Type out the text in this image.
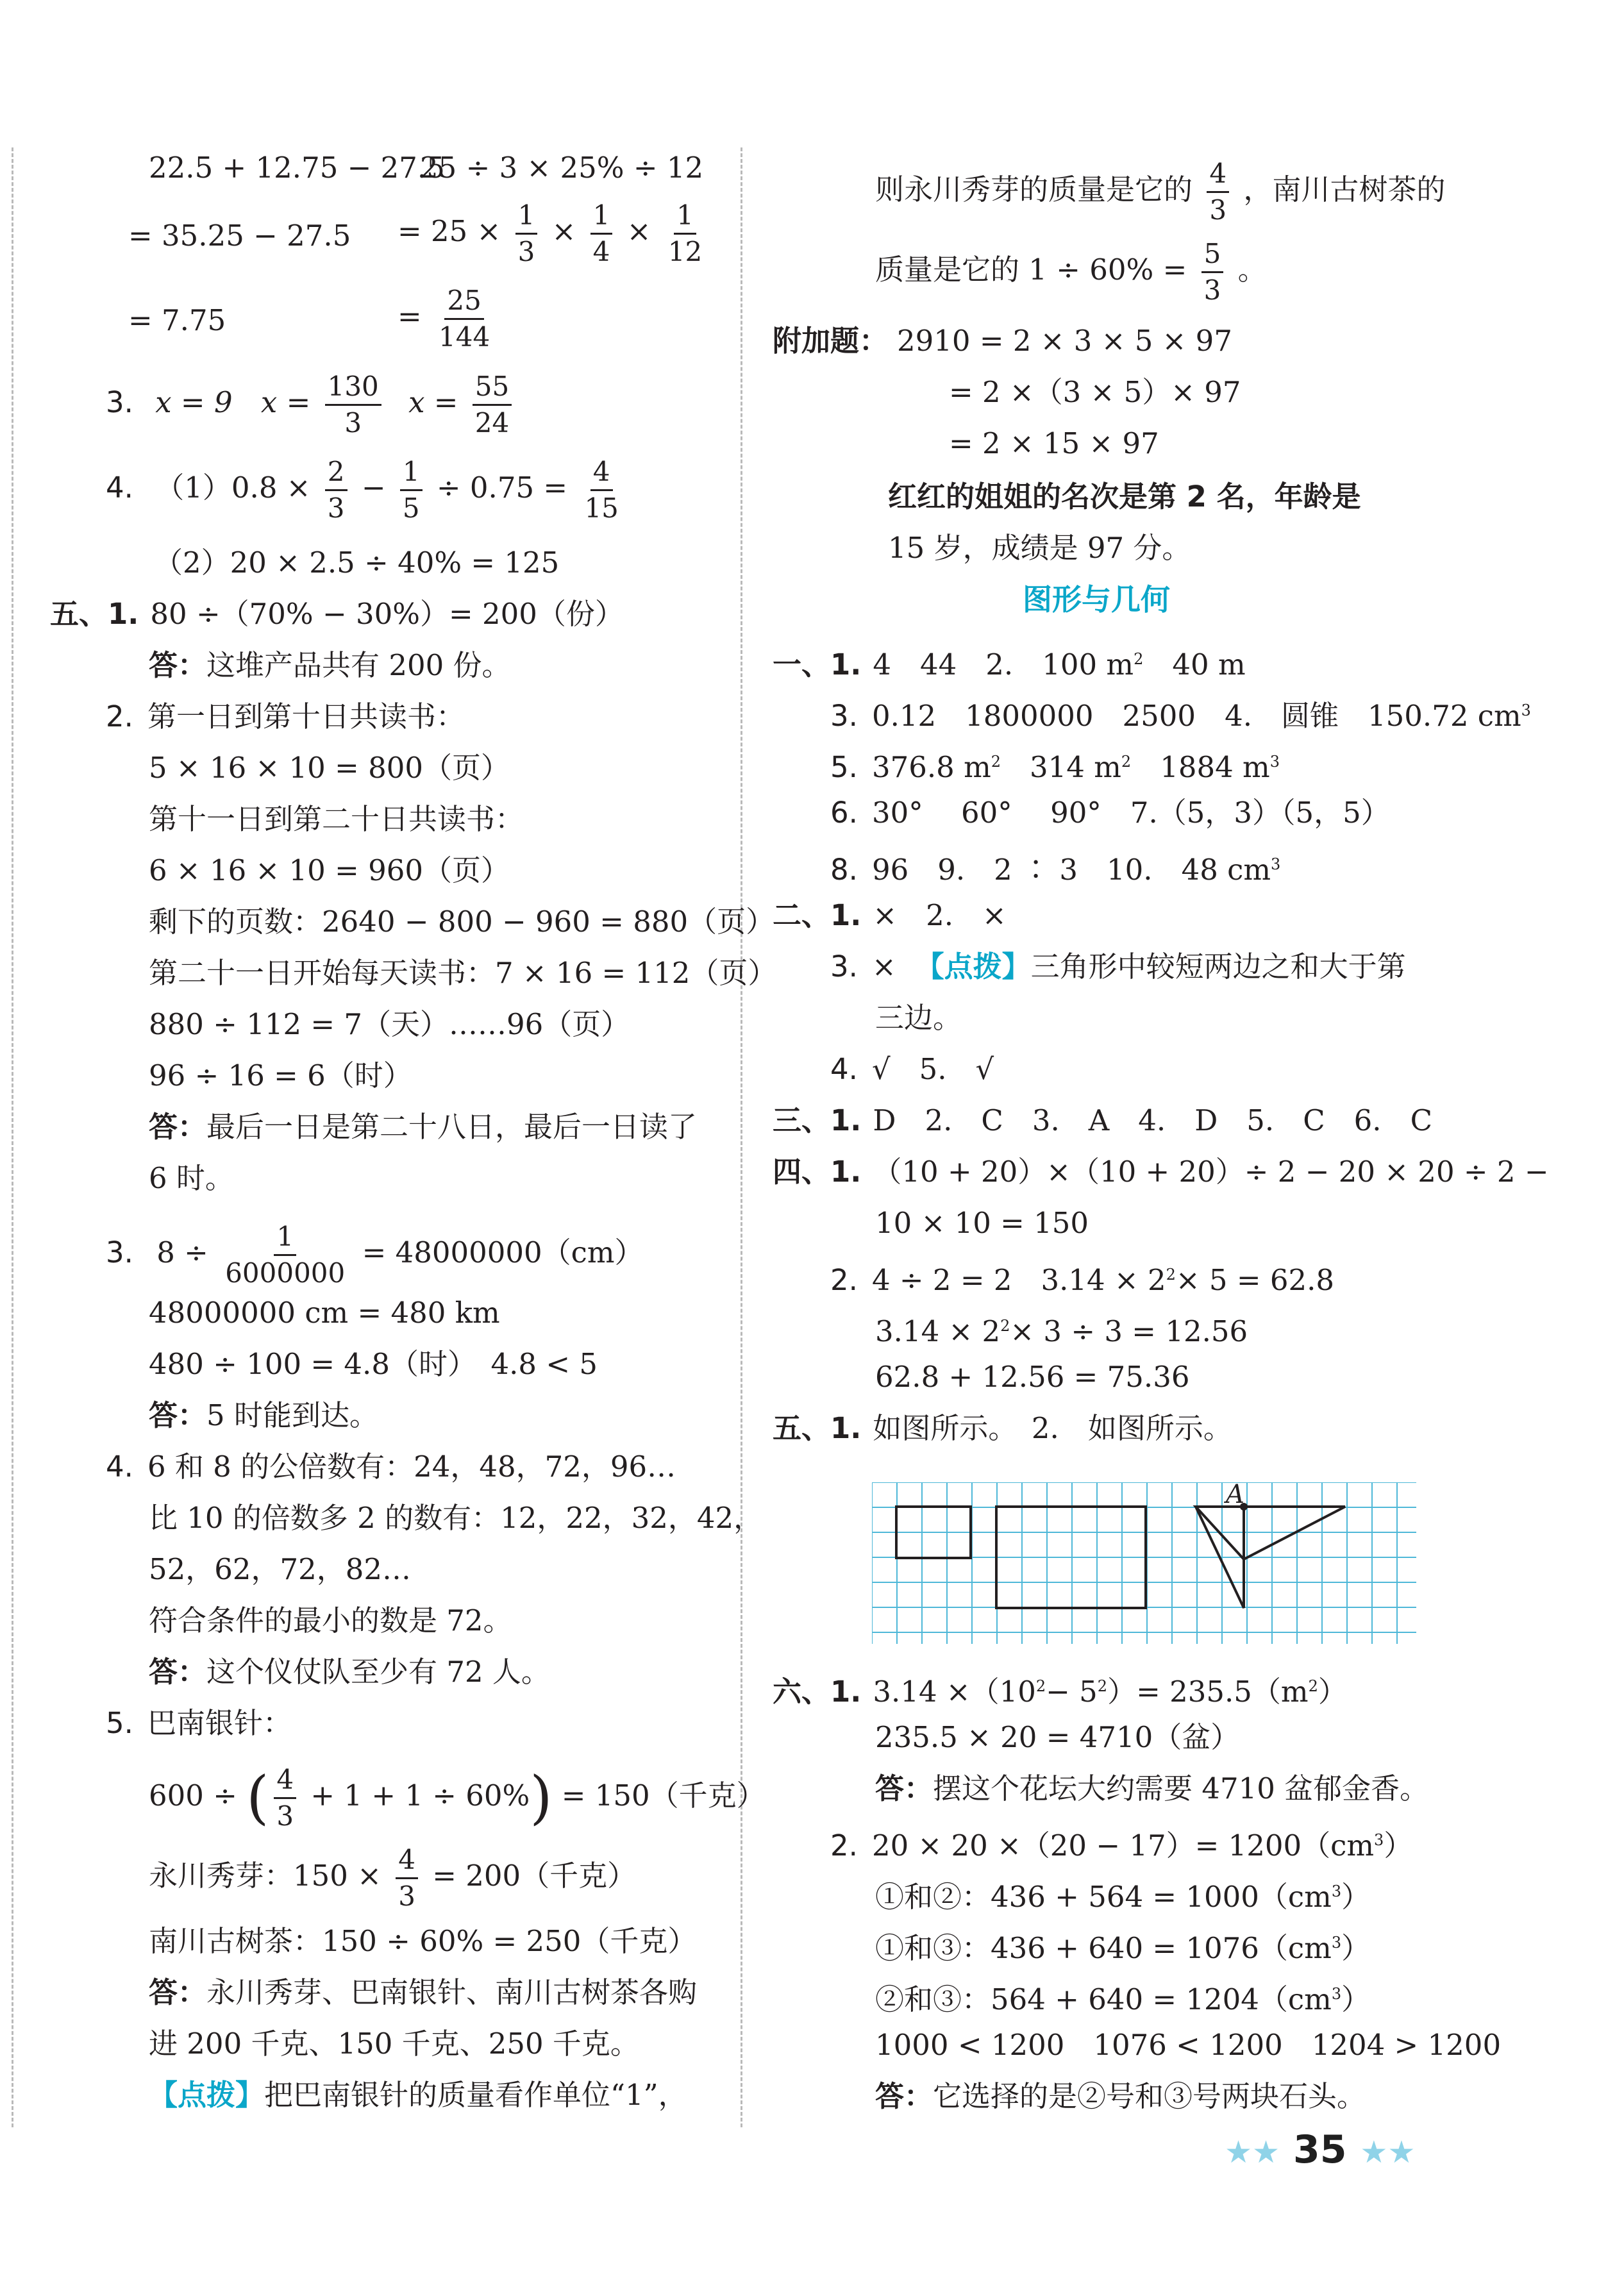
22.5 + 12.75 − 27.5
25 ÷ 3 × 25% ÷ 12
= $35.25 - 27.5 = 25 \times \frac{1}{3} \times \frac{1}{4} \times \frac{1}{12}$
= 7.75	= $\frac{25}{144}$
3. x = 9 $x = \frac{130}{3}$ $x = \frac{55}{24}$
4. $(1)0.8 \times \frac{2}{3} - \frac{1}{5} \div 0.75 = \frac{4}{15}$
（2）20 × 2.5 ÷ 40% = 125
五、1. 80 ÷（70% − 30%）= 200（份）
答：这堆产品共有 200 份。
2. 第一日到第十日共读书：
5 × 16 × 10 = 800（页）
第十一日到第二十日共读书：
6 × 16 × 10 = 960（页）
剩下的页数：2640 − 800 − 960 = 880（页）
第二十一日开始每天读书：7 × 16 = 112（页）
880 ÷ 112 = 7（天）……96（页）
96 ÷ 16 = 6（时）
答：最后一日是第二十八日，最后一日读了
6 时。
3. $8 \div \frac{1}{6000000} = 48000000(cm)$
48000000 cm = 480 km
480 ÷ 100 = 4.8（时）　4.8 < 5
答：5 时能到达。
4. 6 和 8 的公倍数有：24，48，72，96…
比 10 的倍数多 2 的数有：12，22，32，42，
52，62，72，82…
符合条件的最小的数是 72。
答：这个仪仗队至少有 72 人。
5. 巴南银针：
600 ÷ ( $\frac{4}{3} + 1 + 1 \div 60\%) = 150$（千克）
永川秀芽：$150 \times \frac{4}{3} = 200$（千克）
南川古树茶：150 ÷ 60% = 250（千克）
答：永川秀芽、巴南银针、南川古树茶各购
进 200 千克、150 千克、250 千克。
【点拨】把巴南银针的质量看作单位“1”，
则永川秀芽的质量是它的 $\frac{4}{3}$ ，南川古树茶的
质量是它的 $1 \div 60\% = \frac{5}{3}$ 。
附加题： 2910 = 2 × 3 × 5 × 97
= 2 ×（3 × 5）× 97
= 2 × 15 × 97
红红的姐姐的名次是第 2 名，年龄是
15 岁，成绩是 97 分。
图形与几何
一、1. 4　44　2.　100 $m^2$　 40 m
3. 0.12　1800000　2500　4.　圆锥　150.72 $cm^3$
5. 376.8 $m^2$　 314 $m^2$　 1884 $m^3$
6. 30°　 60°　 90°　7.（5，3）（5，5）
8. 96　9.　2 ∶ 3　10.　48 $cm^3$
二、1. ×　2.　×
3. × 【点拨】三角形中较短两边之和大于第
三边。
4. √　5.　√
三、1. D　2.　C　3.　A　4.　D　5.　C　6.　C
四、1. （10 + 20）×（10 + 20）÷ 2 − 20 × 20 ÷ 2 −
10 × 10 = 150
2. 4 ÷ 2 = 2　$3.14 \times 2^2\times 5 = 62.8$
$3.14 \times 2^2\times 3 \div 3 = 12.56$
62.8 + 12.56 = 75.36
五、1. 如图所示。　2.　如图所示。
A
六、1. $3.14 \times(10^2- 5^2)= 235.5(m^2)$
235.5 × 20 = 4710（盆）
答：摆这个花坛大约需要 4710 盆郁金香。
2. $20 \times 20 \times(20 - 17)= 1200(cm^3)$
①和②：$436 + 564 = 1000(cm^3)$
①和③：$436 + 640 = 1076(cm^3)$
②和③：$564 + 640 = 1204(cm^3)$
1000 < 1200　1076 < 1200　1204 > 1200
答：它选择的是②号和③号两块石头。
★★ 35 ★★
